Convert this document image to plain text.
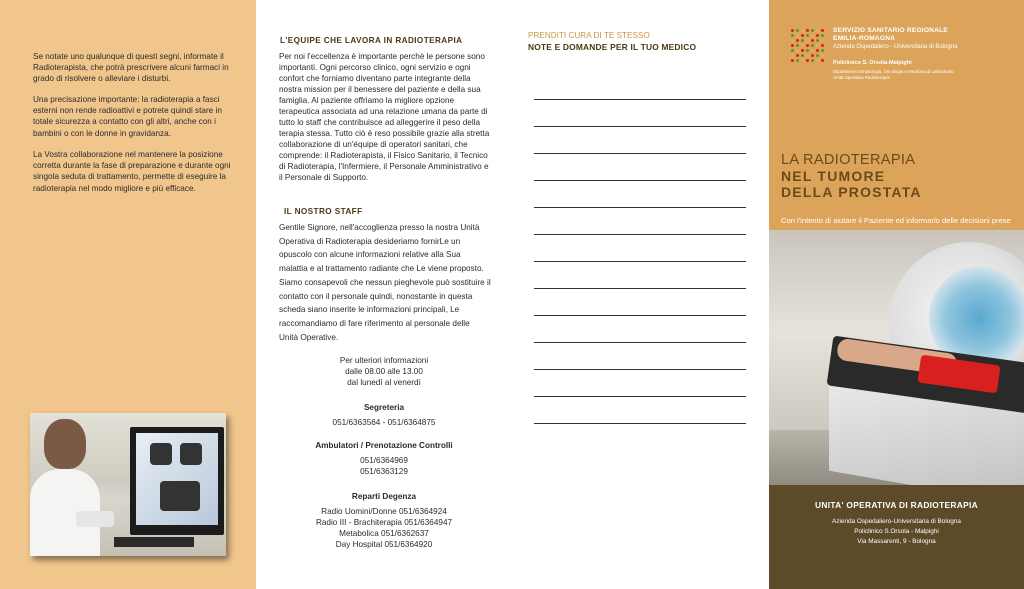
Se notate uno qualunque di questi segni, informate il Radioterapista, che potrà prescrivere alcuni farmaci in grado di risolvere o alleviare i disturbi.

Una precisazione importante: la radioterapia a fasci esterni non rende radioattivi e potrete quindi stare in totale sicurezza a contatto con gli altri, anche con i bambini o con le donne in gravidanza.

La Vostra collaborazione nel mantenere la posizione corretta durante la fase di preparazione e durante ogni singola seduta di trattamento, permette di eseguire la radioterapia nel modo migliore e più efficace.

L'EQUIPE CHE LAVORA IN RADIOTERAPIA

Per noi l'eccellenza è importante perchè le persone sono importanti. Ogni percorso clinico, ogni servizio e ogni confort che forniamo diventano parte integrante della nostra mission per il benessere del paziente e della sua famiglia. Al paziente offriamo la migliore opzione terapeutica associata ad una relazione umana da parte di tutto lo staff che contribuisce ad alleggerire il peso della terapia stessa. Tutto ciò è reso possibile grazie alla stretta collaborazione di un'équipe di operatori sanitari, che comprende: il Radioterapista, il Fisico Sanitario, il Tecnico di Radioterapia, l'Infermiere, il Personale Amministrativo e il Personale di Supporto.

IL NOSTRO STAFF

Gentile Signore, nell'accoglienza presso la nostra Unità Operativa di Radioterapia desideriamo fornirLe un opuscolo con alcune informazioni relative alla Sua malattia e al trattamento radiante che Le viene proposto. Siamo consapevoli che nessun pieghevole può sostituire il contatto con il personale quindi, nonostante in questa scheda siano inserite le informazioni principali, Le raccomandiamo di fare riferimento al personale delle Unità Operative.

Per ulteriori informazioni
dalle 08.00 alle 13.00
dal lunedì al venerdì
Segreteria
051/6363564 - 051/6364875
Ambulatori / Prenotazione Controlli
051/6364969
051/6363129
Reparti Degenza
Radio Uomini/Donne 051/6364924
Radio III - Brachiterapia 051/6364947
Metabolica 051/6362637
Day Hospital 051/6364920
PRENDITI CURA DI TE STESSO
NOTE E DOMANDE PER IL TUO MEDICO
SERVIZIO SANITARIO REGIONALE
EMILIA-ROMAGNA
Azienda Ospedaliero - Universitaria di Bologna
Policlinico S. Orsola-Malpighi
Dipartimento Ematologia, Oncologia e Medicina di Laboratorio
Unità Operativa Radioterapia
LA RADIOTERAPIA
NEL TUMORE
DELLA PROSTATA
Con l'intento di aiutare il Paziente ed informarlo delle decisioni prese
UNITA' OPERATIVA DI RADIOTERAPIA
Azienda Ospedaliero-Universitaria di Bologna
Policlinico S.Orsola - Malpighi
Via Massarenti, 9 - Bologna
